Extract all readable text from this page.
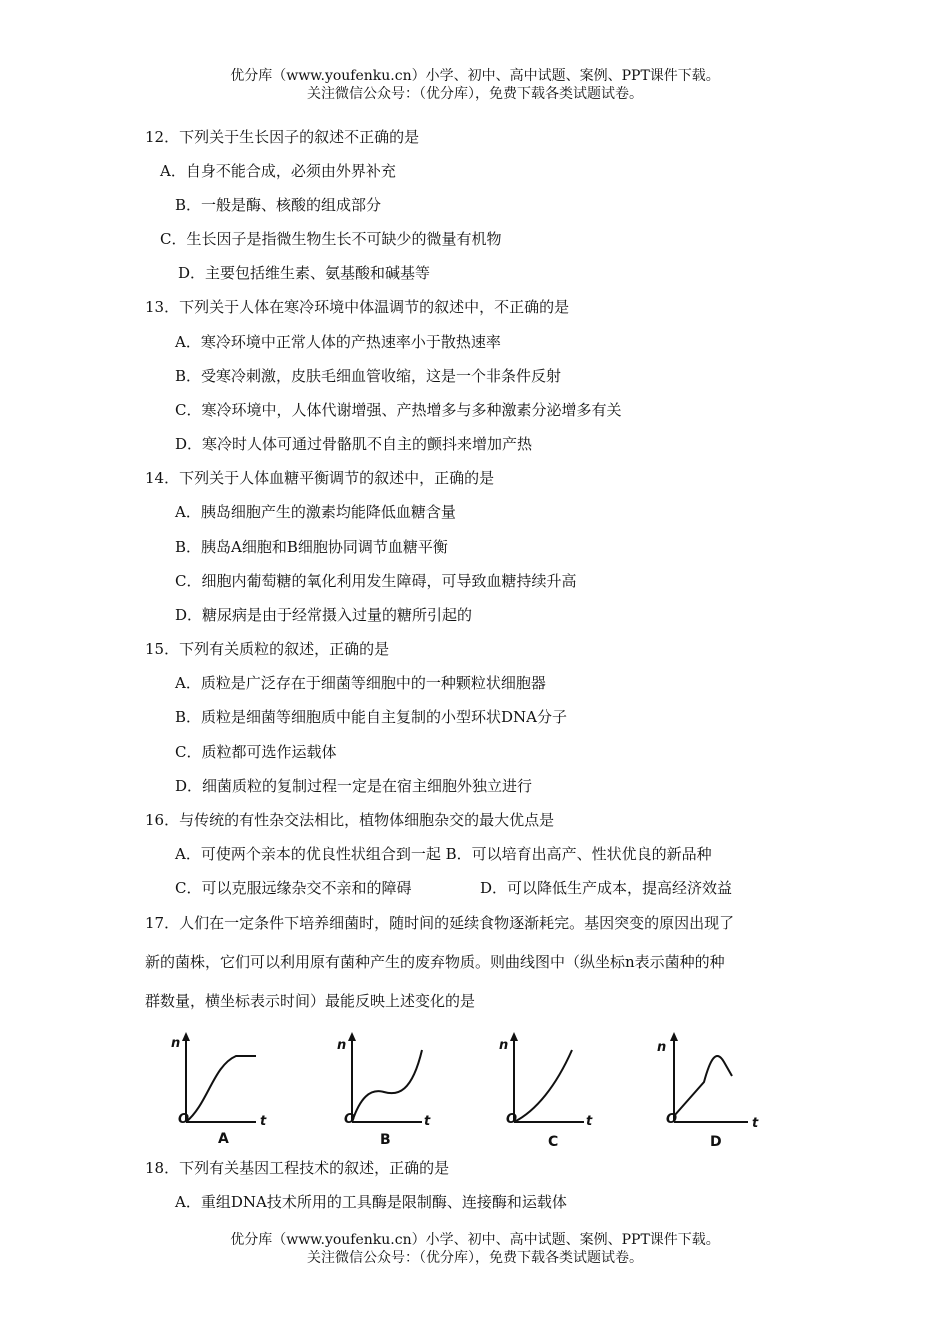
优分库（www.youfenku.cn）小学、初中、高中试题、案例、PPT课件下载。
关注微信公众号：（优分库），免费下载各类试题试卷。
12．下列关于生长因子的叙述不正确的是
A．自身不能合成，必须由外界补充
B．一般是酶、核酸的组成部分
C．生长因子是指微生物生长不可缺少的微量有机物
D．主要包括维生素、氨基酸和碱基等
13．下列关于人体在寒冷环境中体温调节的叙述中，不正确的是
A．寒冷环境中正常人体的产热速率小于散热速率
B．受寒冷刺激，皮肤毛细血管收缩，这是一个非条件反射
C．寒冷环境中，人体代谢增强、产热增多与多种激素分泌增多有关
D．寒冷时人体可通过骨骼肌不自主的颤抖来增加产热
14．下列关于人体血糖平衡调节的叙述中，正确的是
A．胰岛细胞产生的激素均能降低血糖含量
B．胰岛A细胞和B细胞协同调节血糖平衡
C．细胞内葡萄糖的氧化利用发生障碍，可导致血糖持续升高
D．糖尿病是由于经常摄入过量的糖所引起的
15．下列有关质粒的叙述，正确的是
A．质粒是广泛存在于细菌等细胞中的一种颗粒状细胞器
B．质粒是细菌等细胞质中能自主复制的小型环状DNA分子
C．质粒都可选作运载体
D．细菌质粒的复制过程一定是在宿主细胞外独立进行
16．与传统的有性杂交法相比，植物体细胞杂交的最大优点是
A．可使两个亲本的优良性状组合到一起 B．可以培育出高产、性状优良的新品种
C．可以克服远缘杂交不亲和的障碍	D．可以降低生产成本，提高经济效益
17．人们在一定条件下培养细菌时，随时间的延续食物逐渐耗完。基因突变的原因出现了
新的菌株，它们可以利用原有菌种产生的废弃物质。则曲线图中（纵坐标n表示菌种的种
群数量，横坐标表示时间）最能反映上述变化的是
n
O	t
A
n
O	t
B
n
O	t
C
n
O	t
D
18．下列有关基因工程技术的叙述，正确的是
A．重组DNA技术所用的工具酶是限制酶、连接酶和运载体
优分库（www.youfenku.cn）小学、初中、高中试题、案例、PPT课件下载。
关注微信公众号：（优分库），免费下载各类试题试卷。
